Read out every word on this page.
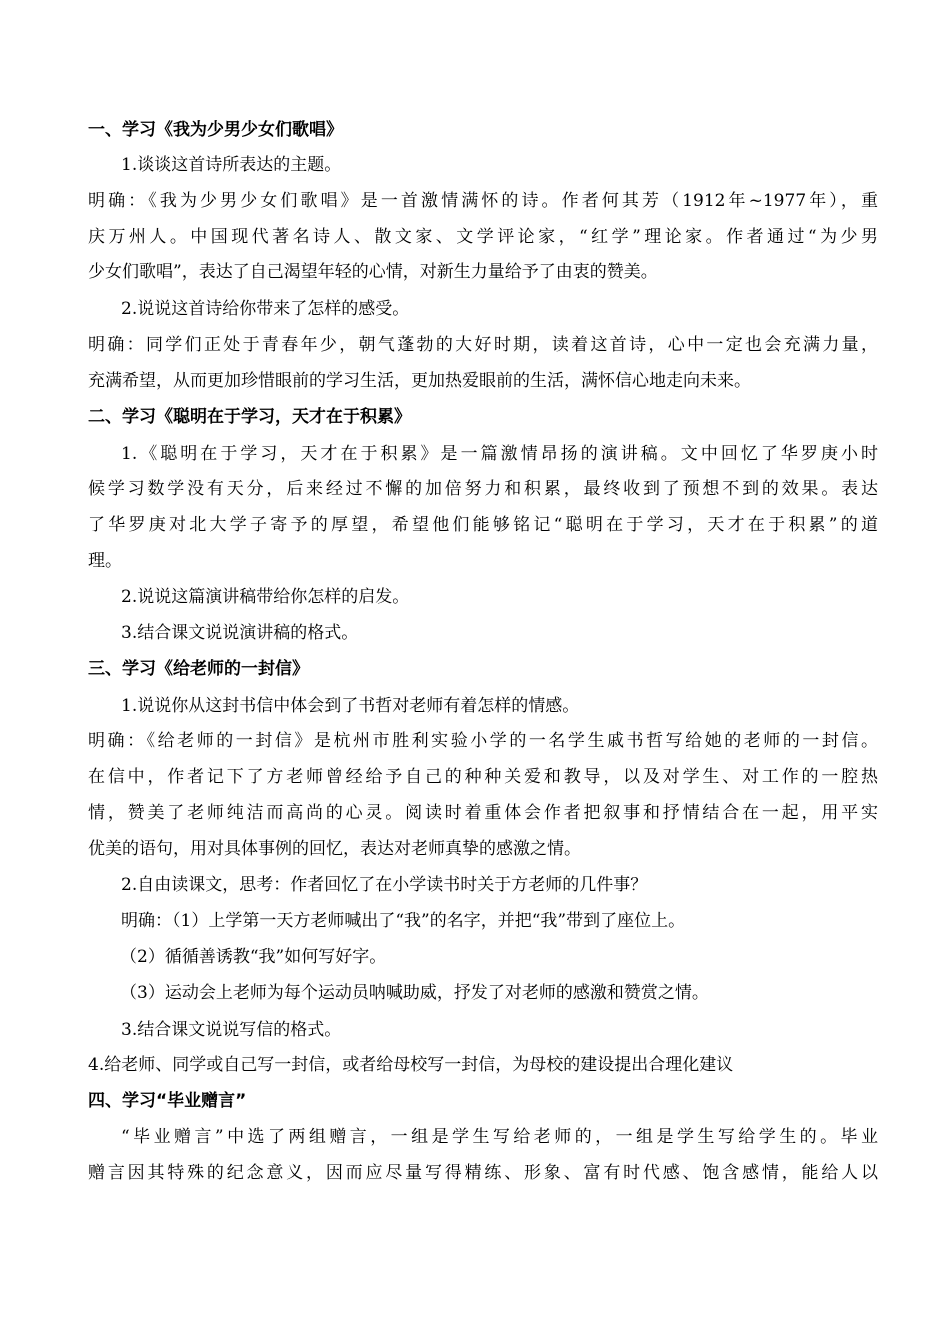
一、学习《我为少男少女们歌唱》
1.谈谈这首诗所表达的主题。
明确：《我为少男少女们歌唱》是一首激情满怀的诗。作者何其芳（1912年~1977年），重
庆万州人。中国现代著名诗人、散文家、文学评论家，“红学”理论家。作者通过“为少男
少女们歌唱”，表达了自己渴望年轻的心情，对新生力量给予了由衷的赞美。
2.说说这首诗给你带来了怎样的感受。
明确：同学们正处于青春年少，朝气蓬勃的大好时期，读着这首诗，心中一定也会充满力量，
充满希望，从而更加珍惜眼前的学习生活，更加热爱眼前的生活，满怀信心地走向未来。
二、学习《聪明在于学习，天才在于积累》
1.《聪明在于学习，天才在于积累》是一篇激情昂扬的演讲稿。文中回忆了华罗庚小时
候学习数学没有天分，后来经过不懈的加倍努力和积累，最终收到了预想不到的效果。表达
了华罗庚对北大学子寄予的厚望，希望他们能够铭记“聪明在于学习，天才在于积累”的道
理。
2.说说这篇演讲稿带给你怎样的启发。
3.结合课文说说演讲稿的格式。
三、学习《给老师的一封信》
1.说说你从这封书信中体会到了书哲对老师有着怎样的情感。
明确：《给老师的一封信》是杭州市胜利实验小学的一名学生戚书哲写给她的老师的一封信。
在信中，作者记下了方老师曾经给予自己的种种关爱和教导，以及对学生、对工作的一腔热
情，赞美了老师纯洁而高尚的心灵。阅读时着重体会作者把叙事和抒情结合在一起，用平实
优美的语句，用对具体事例的回忆，表达对老师真挚的感激之情。
2.自由读课文，思考：作者回忆了在小学读书时关于方老师的几件事？
明确：（1）上学第一天方老师喊出了“我”的名字，并把“我”带到了座位上。
（2）循循善诱教“我”如何写好字。
（3）运动会上老师为每个运动员呐喊助威，抒发了对老师的感激和赞赏之情。
3.结合课文说说写信的格式。
4.给老师、同学或自己写一封信，或者给母校写一封信，为母校的建设提出合理化建议
四、学习“毕业赠言”
“毕业赠言”中选了两组赠言，一组是学生写给老师的，一组是学生写给学生的。毕业
赠言因其特殊的纪念意义，因而应尽量写得精练、形象、富有时代感、饱含感情，能给人以
